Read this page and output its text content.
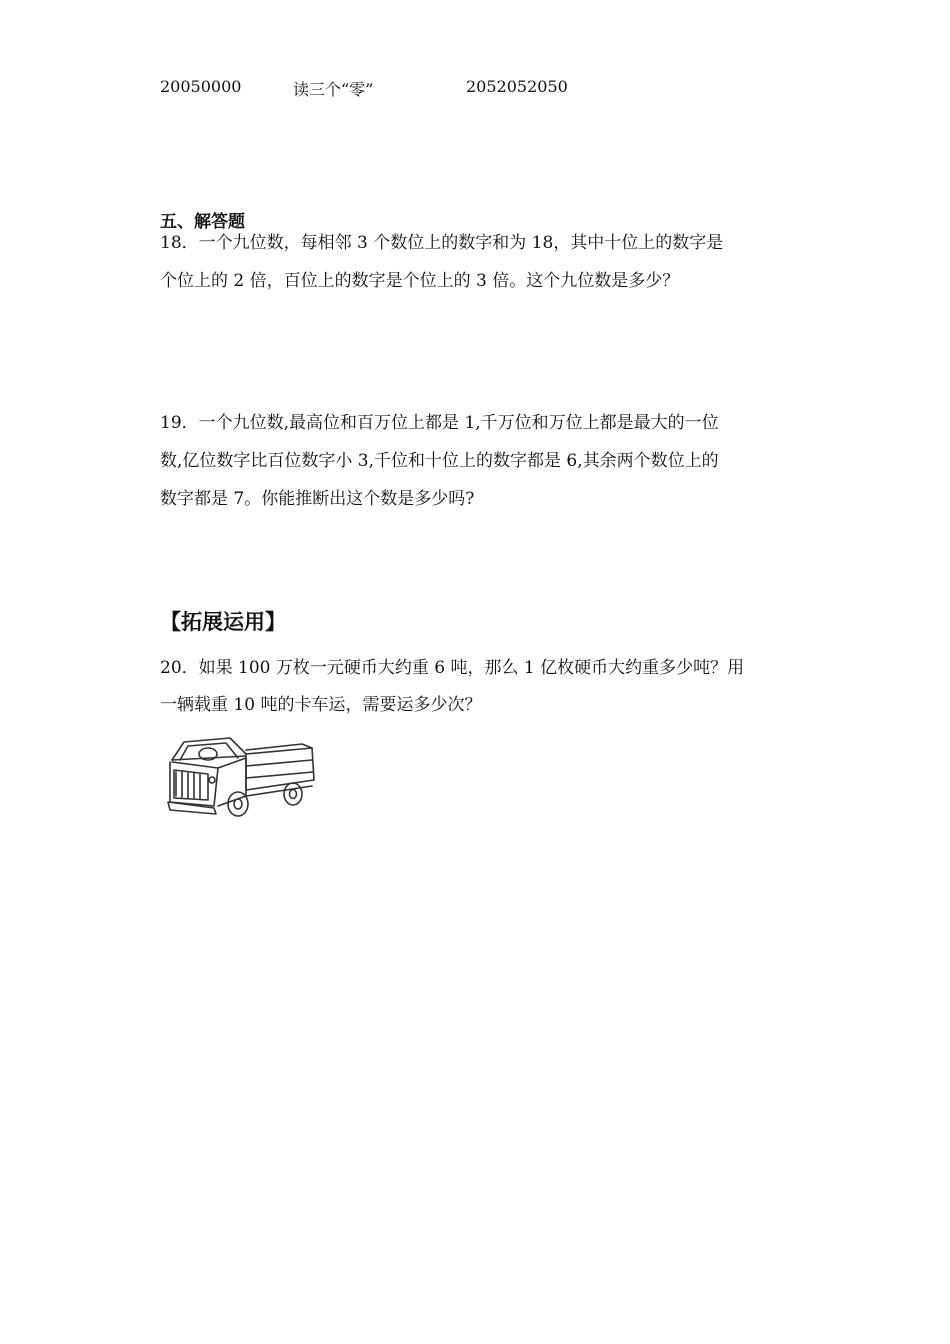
20050000	读三个“零”	2052052050
五、解答题
18．一个九位数，每相邻 3 个数位上的数字和为 18，其中十位上的数字是
个位上的 2 倍，百位上的数字是个位上的 3 倍。这个九位数是多少？
19．一个九位数,最高位和百万位上都是 1,千万位和万位上都是最大的一位
数,亿位数字比百位数字小 3,千位和十位上的数字都是 6,其余两个数位上的
数字都是 7。你能推断出这个数是多少吗?
【拓展运用】
20．如果 100 万枚一元硬币大约重 6 吨，那么 1 亿枚硬币大约重多少吨？用
一辆载重 10 吨的卡车运，需要运多少次？
